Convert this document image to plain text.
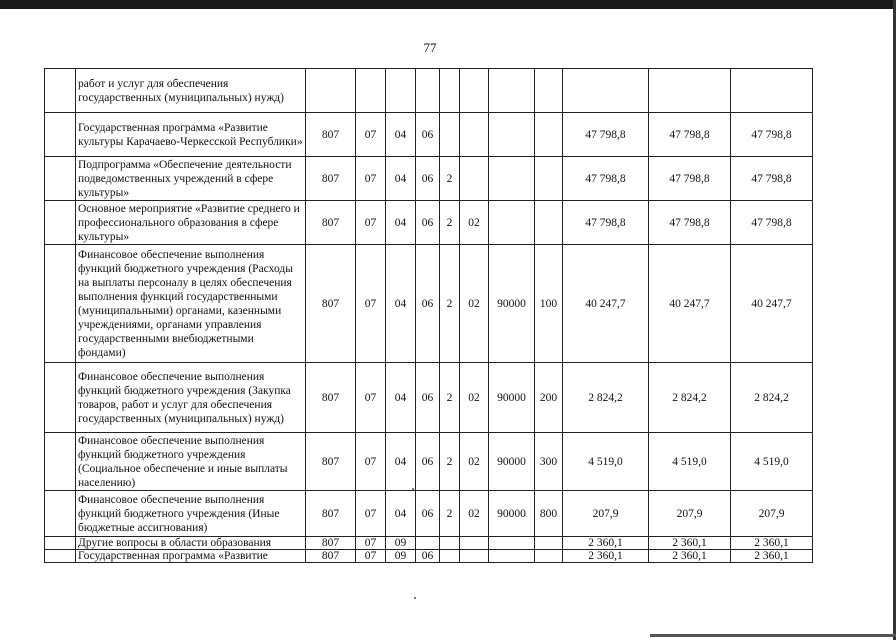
77
	работ и услуг для обеспечения государственных (муниципальных) нужд)											
	Государственная программа «Развитие культуры Карачаево-Черкесской Республики»	807	07	04	06					47 798,8	47 798,8	47 798,8
	Подпрограмма «Обеспечение деятельности подведомственных учреждений в сфере культуры»	807	07	04	06	2				47 798,8	47 798,8	47 798,8
	Основное мероприятие «Развитие среднего и профессионального образования в сфере культуры»	807	07	04	06	2	02			47 798,8	47 798,8	47 798,8
	Финансовое обеспечение выполнения функций бюджетного учреждения (Расходы на выплаты персоналу в целях обеспечения выполнения функций государственными (муниципальными) органами, казенными учреждениями, органами управления государственными внебюджетными фондами)	807	07	04	06	2	02	90000	100	40 247,7	40 247,7	40 247,7
	Финансовое обеспечение выполнения функций бюджетного учреждения (Закупка товаров, работ и услуг для обеспечения государственных (муниципальных) нужд)	807	07	04	06	2	02	90000	200	2 824,2	2 824,2	2 824,2
	Финансовое обеспечение выполнения функций бюджетного учреждения (Социальное обеспечение и иные выплаты населению)	807	07	04	06	2	02	90000	300	4 519,0	4 519,0	4 519,0
	Финансовое обеспечение выполнения функций бюджетного учреждения (Иные бюджетные ассигнования)	807	07	04	06	2	02	90000	800	207,9	207,9	207,9
	Другие вопросы в области образования	807	07	09						2 360,1	2 360,1	2 360,1
	Государственная программа «Развитие	807	07	09	06					2 360,1	2 360,1	2 360,1
